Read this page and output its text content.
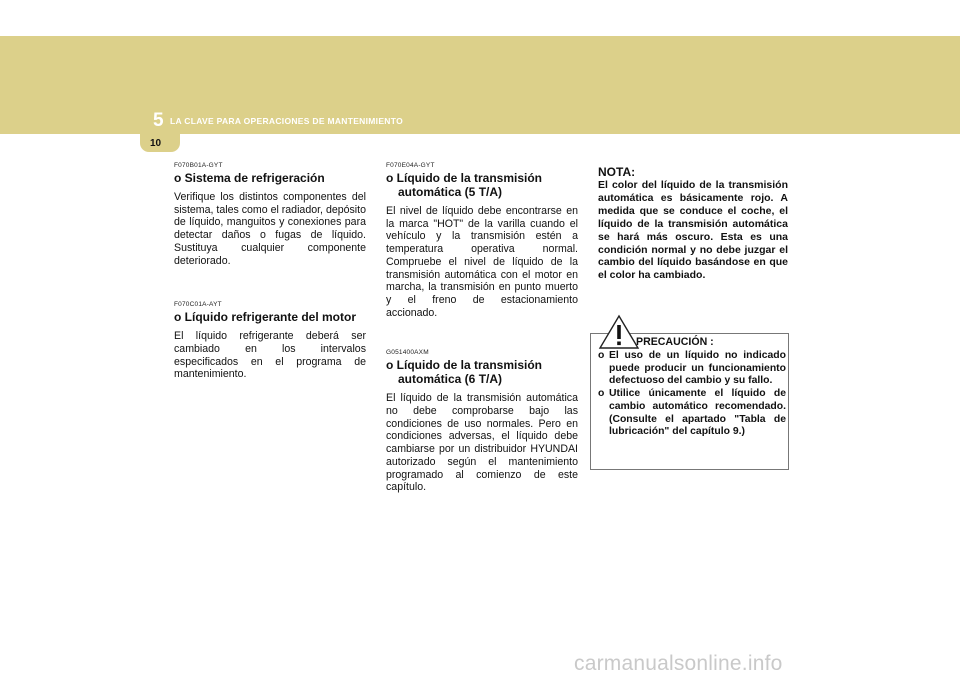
5 LA CLAVE PARA OPERACIONES DE MANTENIMIENTO
10

F070B01A-GYT

o Sistema de refrigeración

Verifique los distintos componentes del sistema, tales como el radiador, depósito de líquido, manguitos y conexiones para detectar daños o fugas de líquido. Sustituya cualquier componente deteriorado.

F070C01A-AYT

o Líquido refrigerante del motor

El líquido refrigerante deberá ser cambiado en los intervalos especificados en el programa de mantenimiento.

F070E04A-GYT

o Líquido de la transmisión
automática (5 T/A)

El nivel de líquido debe encontrarse en la marca "HOT" de la varilla cuando el vehículo y la transmisión estén a temperatura operativa normal. Compruebe el nivel de líquido de la transmisión automática con el motor en marcha, la transmisión en punto muerto y el freno de estacionamiento accionado.

G051400AXM

o Líquido de la transmisión
automática (6 T/A)

El líquido de la transmisión automática no debe comprobarse bajo las condiciones de uso normales. Pero en condiciones adversas, el líquido debe cambiarse por un distribuidor HYUNDAI autorizado según el mantenimiento programado al comienzo de este capítulo.

NOTA:

El color del líquido de la transmisión automática es básicamente rojo. A medida que se conduce el coche, el líquido de la transmisión automática se hará más oscuro. Esta es una condición normal y no debe juzgar el cambio del líquido basándose en que el color ha cambiado.

PRECAUCIÓN :
o El uso de un líquido no indicado puede producir un funcionamiento defectuoso del cambio y su fallo.
o Utilice únicamente el líquido de cambio automático recomendado. (Consulte el apartado "Tabla de lubricación" del capítulo 9.)
carmanualsonline.info
